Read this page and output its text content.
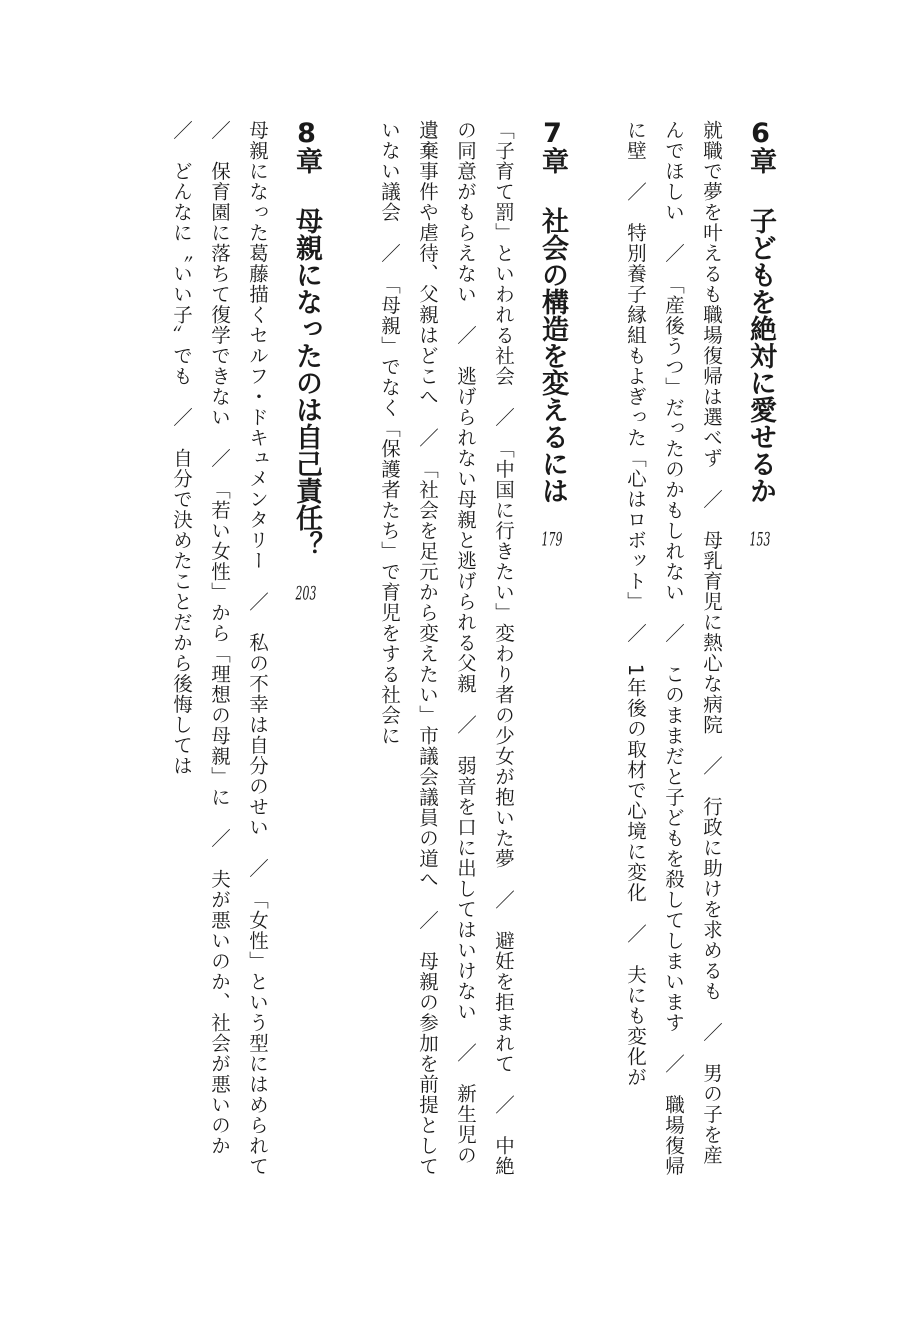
6章 子どもを絶対に愛せるか 153
就職で夢を叶えるも職場復帰は選べず　／　母乳育児に熱心な病院　／　行政に助けを求めるも　／　男の子を産んでほしい　／　「産後うつ」だったのかもしれない　／　このままだと子どもを殺してしまいます　／　職場復帰に壁　／　特別養子縁組もよぎった「心はロボット」　／　1年後の取材で心境に変化　／　夫にも変化が
7章 社会の構造を変えるには 179
「子育て罰」といわれる社会　／　「中国に行きたい」変わり者の少女が抱いた夢　／　避妊を拒まれて　／　中絶の同意がもらえない　／　逃げられない母親と逃げられる父親　／　弱音を口に出してはいけない　／　新生児の遺棄事件や虐待、父親はどこへ　／　「社会を足元から変えたい」市議会議員の道へ　／　母親の参加を前提としていない議会　／　「母親」でなく「保護者たち」で育児をする社会に
8章 母親になったのは自己責任？ 203
母親になった葛藤描くセルフ・ドキュメンタリー　／　私の不幸は自分のせい　／　「女性」という型にはめられて　／　保育園に落ちて復学できない　／　「若い女性」から「理想の母親」に　／　夫が悪いのか、社会が悪いのか　／　どんなに〝いい子〟でも　／　自分で決めたことだから後悔しては
